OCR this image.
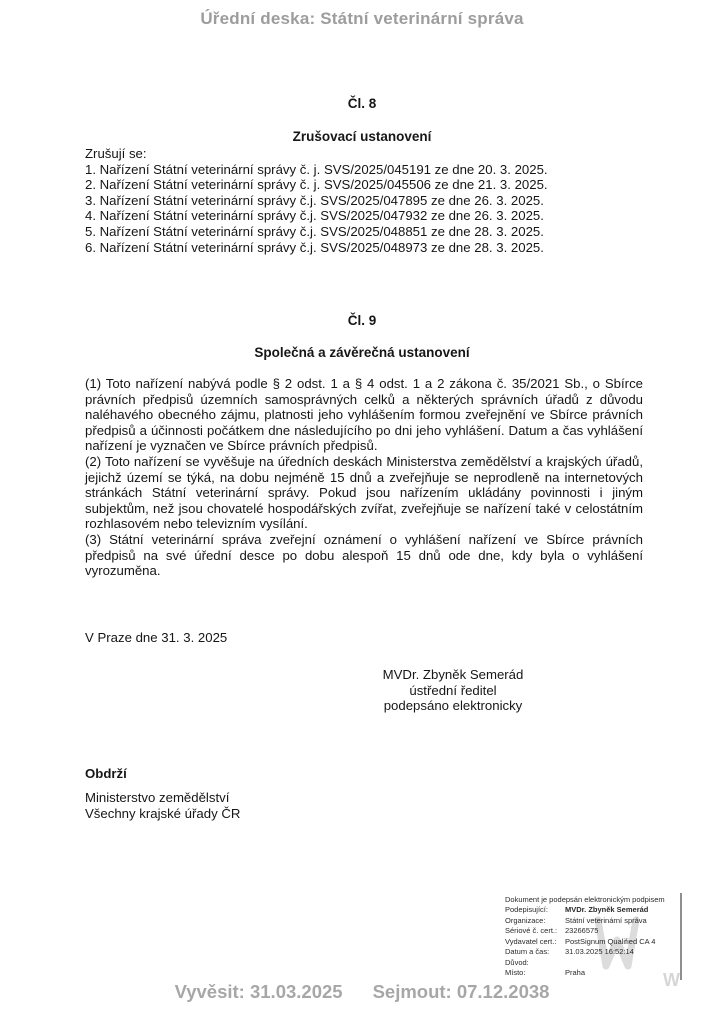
Úřední deska: Státní veterinární správa
Čl. 8
Zrušovací ustanovení
Zrušují se:
1. Nařízení Státní veterinární správy č. j. SVS/2025/045191 ze dne 20. 3. 2025.
2. Nařízení Státní veterinární správy č. j. SVS/2025/045506 ze dne 21. 3. 2025.
3. Nařízení Státní veterinární správy č.j. SVS/2025/047895 ze dne 26. 3. 2025.
4. Nařízení Státní veterinární správy č.j. SVS/2025/047932 ze dne 26. 3. 2025.
5. Nařízení Státní veterinární správy č.j. SVS/2025/048851 ze dne 28. 3. 2025.
6. Nařízení Státní veterinární správy č.j. SVS/2025/048973 ze dne 28. 3. 2025.
Čl. 9
Společná a závěrečná ustanovení
(1) Toto nařízení nabývá podle § 2 odst. 1 a § 4 odst. 1 a 2 zákona č. 35/2021 Sb., o Sbírce právních předpisů územních samosprávných celků a některých správních úřadů z důvodu naléhavého obecného zájmu, platnosti jeho vyhlášením formou zveřejnění ve Sbírce právních předpisů a účinnosti počátkem dne následujícího po dni jeho vyhlášení. Datum a čas vyhlášení nařízení je vyznačen ve Sbírce právních předpisů.
(2) Toto nařízení se vyvěšuje na úředních deskách Ministerstva zemědělství a krajských úřadů, jejichž území se týká, na dobu nejméně 15 dnů a zveřejňuje se neprodleně na internetových stránkách Státní veterinární správy. Pokud jsou nařízením ukládány povinnosti i jiným subjektům, než jsou chovatelé hospodářských zvířat, zveřejňuje se nařízení také v celostátním rozhlasovém nebo televizním vysílání.
(3) Státní veterinární správa zveřejní oznámení o vyhlášení nařízení ve Sbírce právních předpisů na své úřední desce po dobu alespoň 15 dnů ode dne, kdy byla o vyhlášení vyrozuměna.
V Praze dne 31. 3. 2025
MVDr. Zbyněk Semerád
ústřední ředitel
podepsáno elektronicky
Obdrží
Ministerstvo zemědělství
Všechny krajské úřady ČR
W
Dokument je podepsán elektronickým podpisem
Podepisující:	MVDr. Zbyněk Semerád
Organizace:	Státní veterinární správa
Sériové č. cert.:	23266575
Vydavatel cert.:	PostSignum Qualified CA 4
Datum a čas:	31.03.2025 16:52:14
Důvod:
Místo:	Praha
Vyvěsit: 31.03.2025 Sejmout: 07.12.2038
